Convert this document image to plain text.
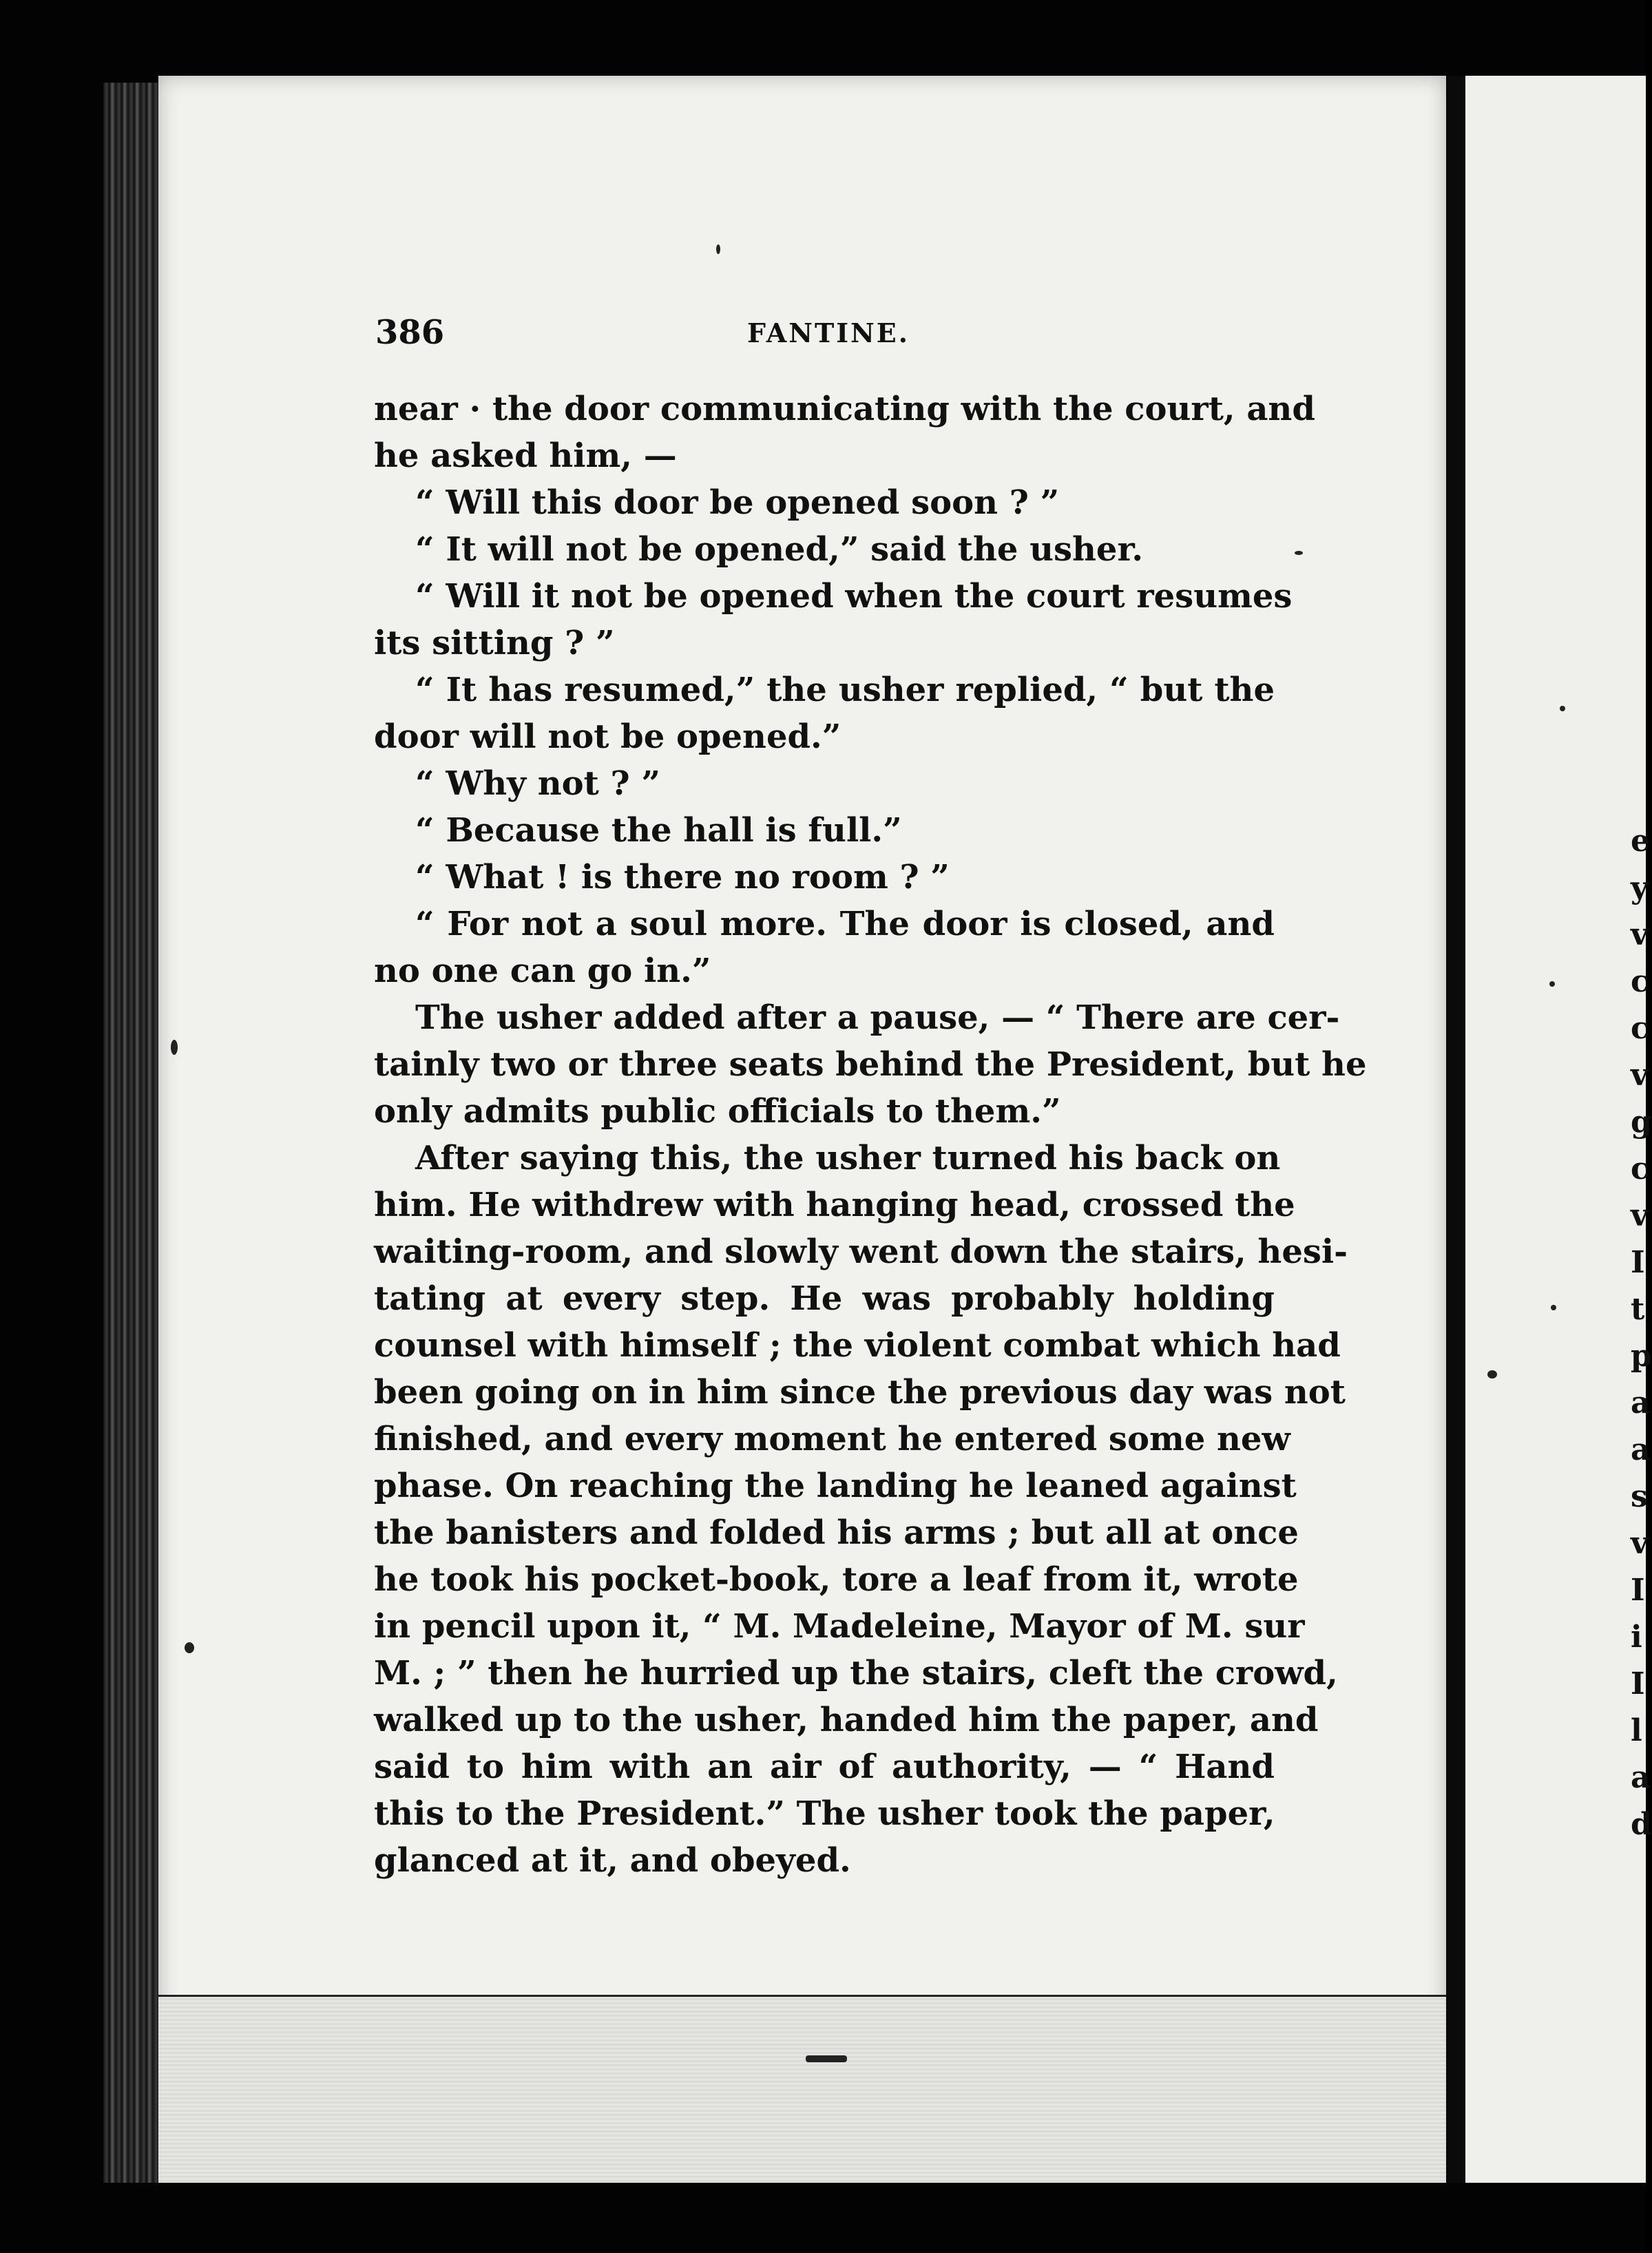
e
y
v
c
c
v
g
c
v
I
t
p
a
a
s
v
I
i
I
l
a
d
386	FANTINE.
near · the door communicating with the court, and
he asked him, —
“ Will this door be opened soon ? ”
“ It will not be opened,” said the usher.
“ Will it not be opened when the court resumes
its sitting ? ”
“ It has resumed,” the usher replied, “ but the
door will not be opened.”
“ Why not ? ”
“ Because the hall is full.”
“ What ! is there no room ? ”
“ For not a soul more. The door is closed, and
no one can go in.”
The usher added after a pause, — “ There are cer-
tainly two or three seats behind the President, but he
only admits public officials to them.”
After saying this, the usher turned his back on
him. He withdrew with hanging head, crossed the
waiting-room, and slowly went down the stairs, hesi-
tating at every step. He was probably holding
counsel with himself ; the violent combat which had
been going on in him since the previous day was not
finished, and every moment he entered some new
phase. On reaching the landing he leaned against
the banisters and folded his arms ; but all at once
he took his pocket-book, tore a leaf from it, wrote
in pencil upon it, “ M. Madeleine, Mayor of M. sur
M. ; ” then he hurried up the stairs, cleft the crowd,
walked up to the usher, handed him the paper, and
said to him with an air of authority, — “ Hand
this to the President.” The usher took the paper,
glanced at it, and obeyed.
